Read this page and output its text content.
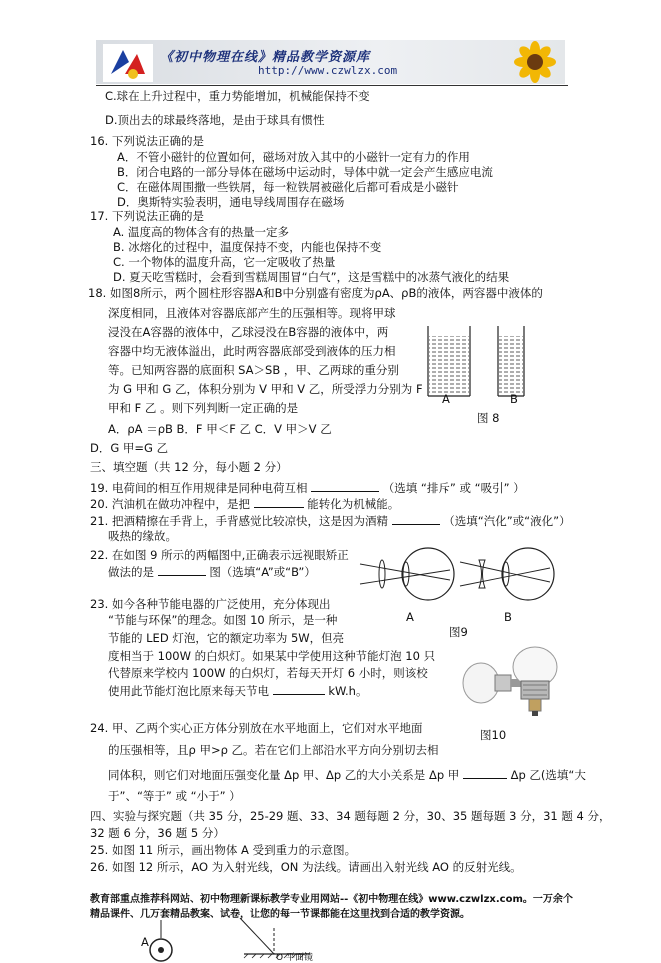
《初中物理在线》精品教学资源库
http://www.czwlzx.com
C.球在上升过程中，重力势能增加，机械能保持不变
D.顶出去的球最终落地，是由于球具有惯性
16. 下列说法正确的是
A．不管小磁针的位置如何，磁场对放入其中的小磁针一定有力的作用
B．闭合电路的一部分导体在磁场中运动时，导体中就一定会产生感应电流
C．在磁体周围撒一些铁屑，每一粒铁屑被磁化后都可看成是小磁针
D．奥斯特实验表明，通电导线周围存在磁场
17. 下列说法正确的是
A. 温度高的物体含有的热量一定多
B. 冰熔化的过程中，温度保持不变，内能也保持不变
C. 一个物体的温度升高，它一定吸收了热量
D. 夏天吃雪糕时，会看到雪糕周围冒“白气”，这是雪糕中的冰蒸气液化的结果
18. 如图8所示，两个圆柱形容器A和B中分别盛有密度为ρA、ρB的液体，两容器中液体的
深度相同，且液体对容器底部产生的压强相等。现将甲球
浸没在A容器的液体中，乙球浸没在B容器的液体中，两
容器中均无液体溢出，此时两容器底部受到液体的压力相
等。已知两容器的底面积 SA＞SB ，甲、乙两球的重分别
为 G 甲和 G 乙，体积分别为 V 甲和 V 乙，所受浮力分别为 F
甲和 F 乙 。则下列判断一定正确的是
A．ρA ＝ρB B．F 甲＜F 乙 C．V 甲＞V 乙
D．G 甲=G 乙
A	B
图 8
三、填空题（共 12 分，每小题 2 分）
19. 电荷间的相互作用规律是同种电荷互相	（选填 “排斥” 或 “吸引” ）
20. 汽油机在做功冲程中，是把	能转化为机械能。
21. 把酒精擦在手背上，手背感觉比较凉快，这是因为酒精	（选填“汽化”或“液化”）
吸热的缘故。
22. 在如图 9 所示的两幅图中,正确表示远视眼矫正
做法的是	图（选填“A”或“B”）
A	B
图9
23. 如今各种节能电器的广泛使用，充分体现出
“节能与环保”的理念。如图 10 所示，是一种
节能的 LED 灯泡，它的额定功率为 5W，但亮
度相当于 100W 的白炽灯。如果某中学使用这种节能灯泡 10 只
代替原来学校内 100W 的白炽灯，若每天开灯 6 小时，则该校
使用此节能灯泡比原来每天节电	kW.h。
图10
24. 甲、乙两个实心正方体分别放在水平地面上，它们对水平地面
的压强相等，且ρ 甲>ρ 乙。若在它们上部沿水平方向分别切去相
同体积，则它们对地面压强变化量 Δp 甲、Δp 乙的大小关系是 Δp 甲	Δp 乙(选填“大
于”、“等于” 或 “小于” ）
四、实验与探究题（共 35 分，25-29 题、33、34 题每题 2 分，30、35 题每题 3 分，31 题 4 分，
32 题 6 分，36 题 5 分）
25. 如图 11 所示，画出物体 A 受到重力的示意图。
26. 如图 12 所示，AO 为入射光线，ON 为法线。请画出入射光线 AO 的反射光线。
教育部重点推荐科网站、初中物理新课标教学专业用网站--《初中物理在线》www.czwlzx.com。一万余个
精品课件、几万套精品教案、试卷，让您的每一节课都能在这里找到合适的教学资源。
A
O 平面镜
